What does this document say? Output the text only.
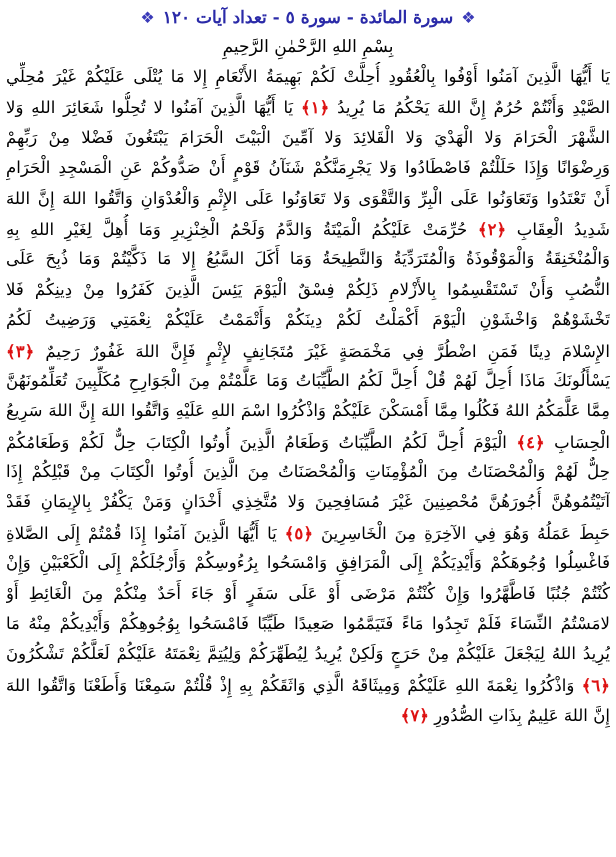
❖
سورة المائدة - سورة ٥ - تعداد آيات ١٢٠
❖
بِسْمِ اللهِ الرَّحْمٰنِ الرَّحِيمِ
يَا أَيُّهَا الَّذِينَ آمَنُوا أَوْفُوا بِالْعُقُودِ أُحِلَّتْ لَكُمْ بَهِيمَةُ الأَنْعَامِ إِلا مَا يُتْلَى عَلَيْكُمْ غَيْرَ مُحِلِّي
الصَّيْدِ وَأَنْتُمْ حُرُمٌ إِنَّ اللهَ يَحْكُمُ مَا يُرِيدُ ﴿١﴾ يَا أَيُّهَا الَّذِينَ آمَنُوا لا تُحِلُّوا شَعَائِرَ اللهِ وَلا
الشَّهْرَ الْحَرَامَ وَلا الْهَدْيَ وَلا الْقَلائِدَ وَلا آمِّينَ الْبَيْتَ الْحَرَامَ يَبْتَغُونَ فَضْلا مِنْ رَبِّهِمْ
وَرِضْوَانًا وَإِذَا حَلَلْتُمْ فَاصْطَادُوا وَلا يَجْرِمَنَّكُمْ شَنَآنُ قَوْمٍ أَنْ صَدُّوكُمْ عَنِ الْمَسْجِدِ الْحَرَامِ
أَنْ تَعْتَدُوا وَتَعَاوَنُوا عَلَى الْبِرِّ وَالتَّقْوَى وَلا تَعَاوَنُوا عَلَى الإِثْمِ وَالْعُدْوَانِ وَاتَّقُوا اللهَ إِنَّ اللهَ
شَدِيدُ الْعِقَابِ ﴿٢﴾ حُرِّمَتْ عَلَيْكُمُ الْمَيْتَةُ وَالدَّمُ وَلَحْمُ الْخِنْزِيرِ وَمَا أُهِلَّ لِغَيْرِ اللهِ بِهِ
وَالْمُنْخَنِقَةُ وَالْمَوْقُوذَةُ وَالْمُتَرَدِّيَةُ وَالنَّطِيحَةُ وَمَا أَكَلَ السَّبُعُ إِلا مَا ذَكَّيْتُمْ وَمَا ذُبِحَ عَلَى
النُّصُبِ وَأَنْ تَسْتَقْسِمُوا بِالأَزْلامِ ذَلِكُمْ فِسْقٌ الْيَوْمَ يَئِسَ الَّذِينَ كَفَرُوا مِنْ دِينِكُمْ فَلا
تَخْشَوْهُمْ وَاخْشَوْنِ الْيَوْمَ أَكْمَلْتُ لَكُمْ دِينَكُمْ وَأَتْمَمْتُ عَلَيْكُمْ نِعْمَتِي وَرَضِيتُ لَكُمُ
الإِسْلامَ دِينًا فَمَنِ اضْطُرَّ فِي مَخْمَصَةٍ غَيْرَ مُتَجَانِفٍ لإِثْمٍ فَإِنَّ اللهَ غَفُورٌ رَحِيمٌ ﴿٣﴾
يَسْأَلُونَكَ مَاذَا أُحِلَّ لَهُمْ قُلْ أُحِلَّ لَكُمُ الطَّيِّبَاتُ وَمَا عَلَّمْتُمْ مِنَ الْجَوَارِحِ مُكَلِّبِينَ تُعَلِّمُونَهُنَّ
مِمَّا عَلَّمَكُمُ اللهُ فَكُلُوا مِمَّا أَمْسَكْنَ عَلَيْكُمْ وَاذْكُرُوا اسْمَ اللهِ عَلَيْهِ وَاتَّقُوا اللهَ إِنَّ اللهَ سَرِيعُ
الْحِسَابِ ﴿٤﴾ الْيَوْمَ أُحِلَّ لَكُمُ الطَّيِّبَاتُ وَطَعَامُ الَّذِينَ أُوتُوا الْكِتَابَ حِلٌّ لَكُمْ وَطَعَامُكُمْ
حِلٌّ لَهُمْ وَالْمُحْصَنَاتُ مِنَ الْمُؤْمِنَاتِ وَالْمُحْصَنَاتُ مِنَ الَّذِينَ أُوتُوا الْكِتَابَ مِنْ قَبْلِكُمْ إِذَا
آتَيْتُمُوهُنَّ أُجُورَهُنَّ مُحْصِنِينَ غَيْرَ مُسَافِحِينَ وَلا مُتَّخِذِي أَخْدَانٍ وَمَنْ يَكْفُرْ بِالإِيمَانِ فَقَدْ
حَبِطَ عَمَلُهُ وَهُوَ فِي الآخِرَةِ مِنَ الْخَاسِرِينَ ﴿٥﴾ يَا أَيُّهَا الَّذِينَ آمَنُوا إِذَا قُمْتُمْ إِلَى الصَّلاةِ
فَاغْسِلُوا وُجُوهَكُمْ وَأَيْدِيَكُمْ إِلَى الْمَرَافِقِ وَامْسَحُوا بِرُءُوسِكُمْ وَأَرْجُلَكُمْ إِلَى الْكَعْبَيْنِ وَإِنْ
كُنْتُمْ جُنُبًا فَاطَّهَّرُوا وَإِنْ كُنْتُمْ مَرْضَى أَوْ عَلَى سَفَرٍ أَوْ جَاءَ أَحَدٌ مِنْكُمْ مِنَ الْغَائِطِ أَوْ
لامَسْتُمُ النِّسَاءَ فَلَمْ تَجِدُوا مَاءً فَتَيَمَّمُوا صَعِيدًا طَيِّبًا فَامْسَحُوا بِوُجُوهِكُمْ وَأَيْدِيكُمْ مِنْهُ مَا
يُرِيدُ اللهُ لِيَجْعَلَ عَلَيْكُمْ مِنْ حَرَجٍ وَلَكِنْ يُرِيدُ لِيُطَهِّرَكُمْ وَلِيُتِمَّ نِعْمَتَهُ عَلَيْكُمْ لَعَلَّكُمْ تَشْكُرُونَ
﴿٦﴾ وَاذْكُرُوا نِعْمَةَ اللهِ عَلَيْكُمْ وَمِيثَاقَهُ الَّذِي وَاثَقَكُمْ بِهِ إِذْ قُلْتُمْ سَمِعْنَا وَأَطَعْنَا وَاتَّقُوا اللهَ
إِنَّ اللهَ عَلِيمٌ بِذَاتِ الصُّدُورِ ﴿٧﴾
